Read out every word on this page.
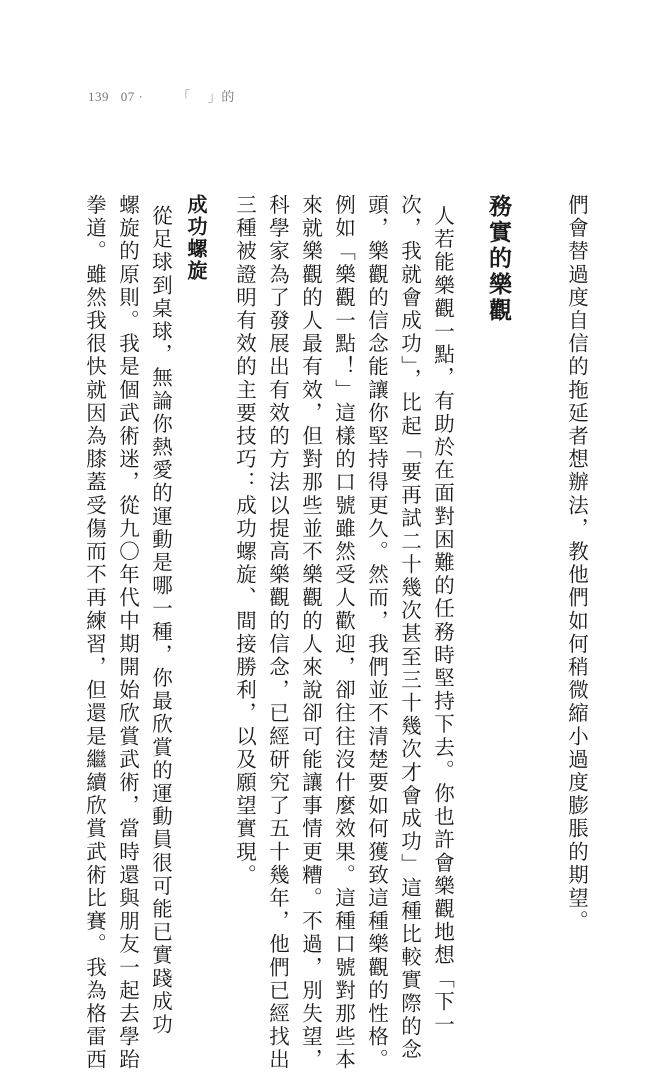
139 07 ·	「　 」的
們會替過度自信的拖延者想辦法，教他們如何稍微縮小過度膨脹的期望。
務實的樂觀
人若能樂觀一點，有助於在面對困難的任務時堅持下去。你也許會樂觀地想「下一
次，我就會成功」，比起「要再試二十幾次甚至三十幾次才會成功」這種比較實際的念
頭，樂觀的信念能讓你堅持得更久。然而，我們並不清楚要如何獲致這種樂觀的性格。
例如「樂觀一點！」這樣的口號雖然受人歡迎，卻往往沒什麼效果。這種口號對那些本
來就樂觀的人最有效，但對那些並不樂觀的人來說卻可能讓事情更糟。不過，別失望，
科學家為了發展出有效的方法以提高樂觀的信念，已經研究了五十幾年，他們已經找出
三種被證明有效的主要技巧：成功螺旋、間接勝利，以及願望實現。
成功螺旋
從足球到桌球，無論你熱愛的運動是哪一種，你最欣賞的運動員很可能已實踐成功
螺旋的原則。我是個武術迷，從九〇年代中期開始欣賞武術，當時還與朋友一起去學跆
拳道。雖然我很快就因為膝蓋受傷而不再練習，但還是繼續欣賞武術比賽。我為格雷西
